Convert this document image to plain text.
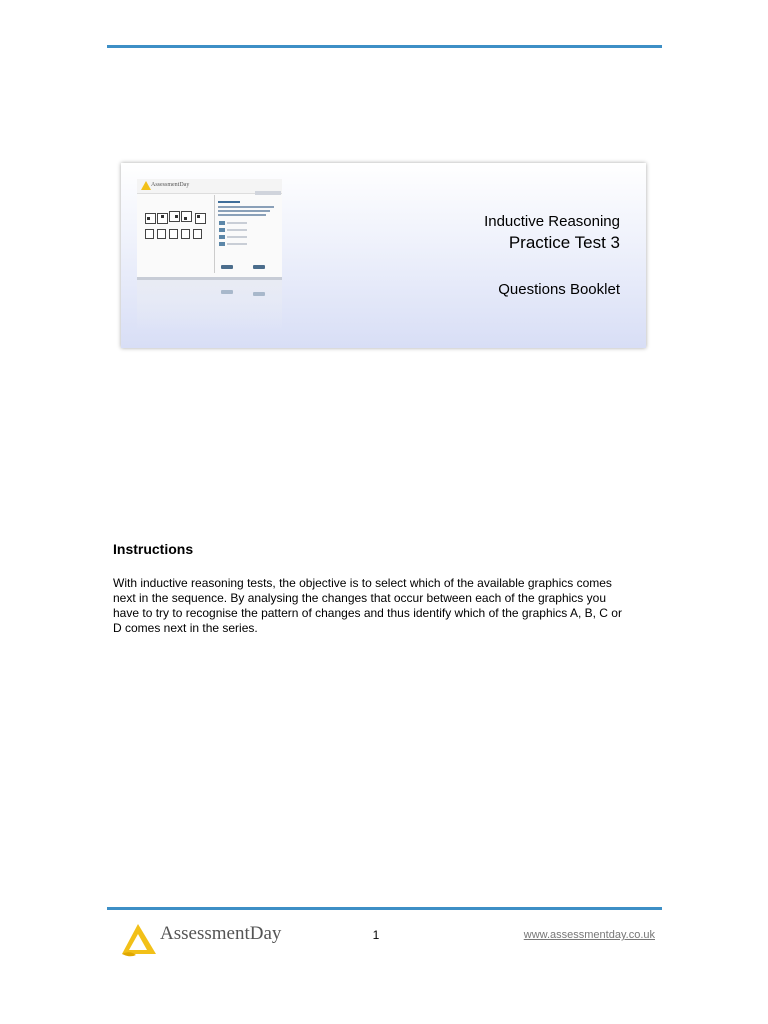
AssessmentDay
Inductive Reasoning
Practice Test 3
Questions Booklet
Instructions
With inductive reasoning tests, the objective is to select which of the available graphics comes
next in the sequence. By analysing the changes that occur between each of the graphics you
have to try to recognise the pattern of changes and thus identify which of the graphics A, B, C or
D comes next in the series.
AssessmentDay	1	www.assessmentday.co.uk
